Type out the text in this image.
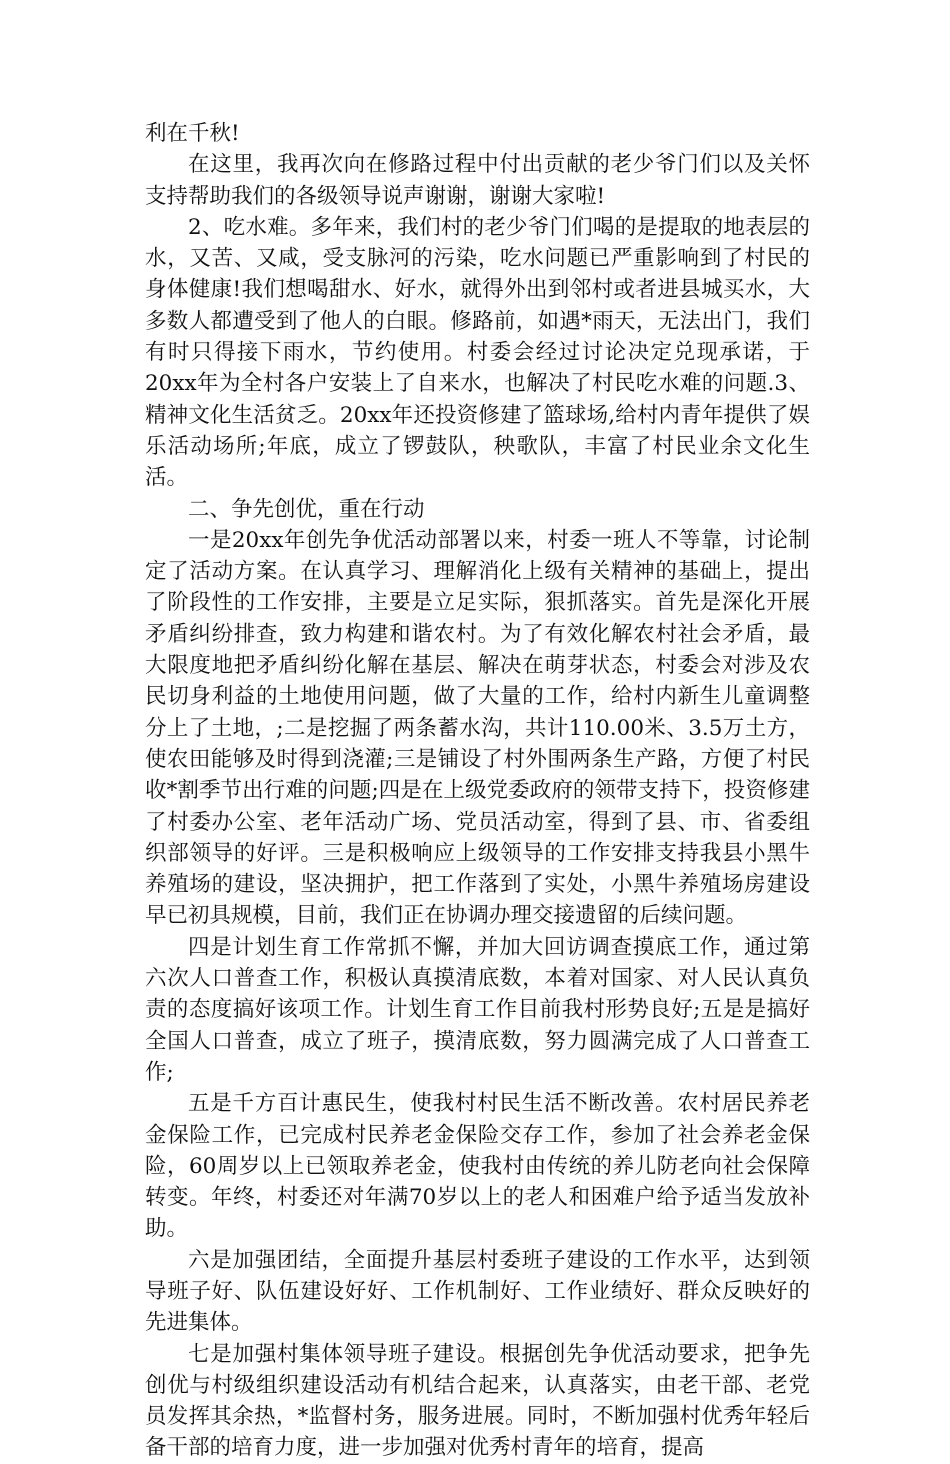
利在千秋!

在这里，我再次向在修路过程中付出贡献的老少爷门们以及关怀支持帮助我们的各级领导说声谢谢，谢谢大家啦!

2、吃水难。多年来，我们村的老少爷门们喝的是提取的地表层的水，又苦、又咸，受支脉河的污染，吃水问题已严重影响到了村民的身体健康!我们想喝甜水、好水，就得外出到邻村或者进县城买水，大多数人都遭受到了他人的白眼。修路前，如遇*雨天，无法出门，我们有时只得接下雨水，节约使用。村委会经过讨论决定兑现承诺，于20xx年为全村各户安装上了自来水，也解决了村民吃水难的问题.3、精神文化生活贫乏。20xx年还投资修建了篮球场,给村内青年提供了娱乐活动场所;年底，成立了锣鼓队，秧歌队，丰富了村民业余文化生活。

二、争先创优，重在行动

一是20xx年创先争优活动部署以来，村委一班人不等靠，讨论制定了活动方案。在认真学习、理解消化上级有关精神的基础上，提出了阶段性的工作安排，主要是立足实际，狠抓落实。首先是深化开展矛盾纠纷排查，致力构建和谐农村。为了有效化解农村社会矛盾，最大限度地把矛盾纠纷化解在基层、解决在萌芽状态，村委会对涉及农民切身利益的土地使用问题，做了大量的工作，给村内新生儿童调整分上了土地，;二是挖掘了两条蓄水沟，共计110.00米、3.5万土方，使农田能够及时得到浇灌;三是铺设了村外围两条生产路，方便了村民收*割季节出行难的问题;四是在上级党委政府的领带支持下，投资修建了村委办公室、老年活动广场、党员活动室，得到了县、市、省委组织部领导的好评。三是积极响应上级领导的工作安排支持我县小黑牛养殖场的建设，坚决拥护，把工作落到了实处，小黑牛养殖场房建设早已初具规模，目前，我们正在协调办理交接遗留的后续问题。

四是计划生育工作常抓不懈，并加大回访调查摸底工作，通过第六次人口普查工作，积极认真摸清底数，本着对国家、对人民认真负责的态度搞好该项工作。计划生育工作目前我村形势良好;五是是搞好全国人口普查，成立了班子，摸清底数，努力圆满完成了人口普查工作;

五是千方百计惠民生，使我村村民生活不断改善。农村居民养老金保险工作，已完成村民养老金保险交存工作，参加了社会养老金保险，60周岁以上已领取养老金，使我村由传统的养儿防老向社会保障转变。年终，村委还对年满70岁以上的老人和困难户给予适当发放补助。

六是加强团结，全面提升基层村委班子建设的工作水平，达到领导班子好、队伍建设好好、工作机制好、工作业绩好、群众反映好的先进集体。

七是加强村集体领导班子建设。根据创先争优活动要求，把争先创优与村级组织建设活动有机结合起来，认真落实，由老干部、老党员发挥其余热，*监督村务，服务进展。同时，不断加强村优秀年轻后备干部的培育力度，进一步加强对优秀村青年的培育，提高
